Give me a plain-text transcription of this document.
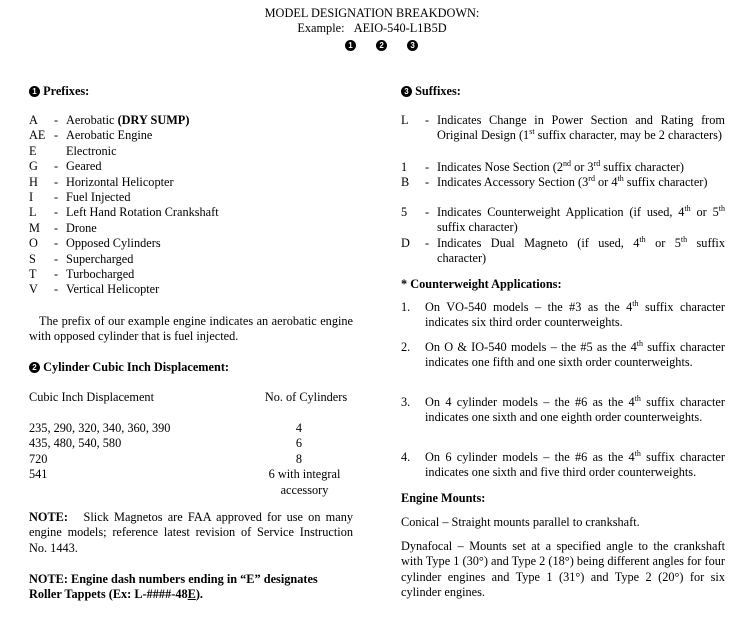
MODEL DESIGNATION BREAKDOWN:
Example: AEIO-540-L1B5D
1	2	3
1 Prefixes:
A - Aerobatic (DRY SUMP)
AE - Aerobatic Engine
E Electronic
G - Geared
H - Horizontal Helicopter
I - Fuel Injected
L - Left Hand Rotation Crankshaft
M - Drone
O - Opposed Cylinders
S - Supercharged
T - Turbocharged
V - Vertical Helicopter
The prefix of our example engine indicates an aerobatic engine with opposed cylinder that is fuel injected.
2 Cylinder Cubic Inch Displacement:
Cubic Inch Displacement	No. of Cylinders
235, 290, 320, 340, 360, 390	4
435, 480, 540, 580	6
720	8
541	6 with integral accessory
NOTE: Slick Magnetos are FAA approved for use on many engine models; reference latest revision of Service Instruction No. 1443.
NOTE: Engine dash numbers ending in “E” designates Roller Tappets (Ex: L-####-48E).
3 Suffixes:
L - Indicates Change in Power Section and Rating from Original Design (1st suffix character, may be 2 characters)
1 - Indicates Nose Section (2nd or 3rd suffix character)
B - Indicates Accessory Section (3rd or 4th suffix character)
5 - Indicates Counterweight Application (if used, 4th or 5th suffix character)
D - Indicates Dual Magneto (if used, 4th or 5th suffix character)
* Counterweight Applications:
1. On VO-540 models – the #3 as the 4th suffix character indicates six third order counterweights.
2. On O & IO-540 models – the #5 as the 4th suffix character indicates one fifth and one sixth order counterweights.
3. On 4 cylinder models – the #6 as the 4th suffix character indicates one sixth and one eighth order counterweights.
4. On 6 cylinder models – the #6 as the 4th suffix character indicates one sixth and five third order counterweights.
Engine Mounts:
Conical – Straight mounts parallel to crankshaft.
Dynafocal – Mounts set at a specified angle to the crankshaft with Type 1 (30°) and Type 2 (18°) being different angles for four cylinder engines and Type 1 (31°) and Type 2 (20°) for six cylinder engines.
